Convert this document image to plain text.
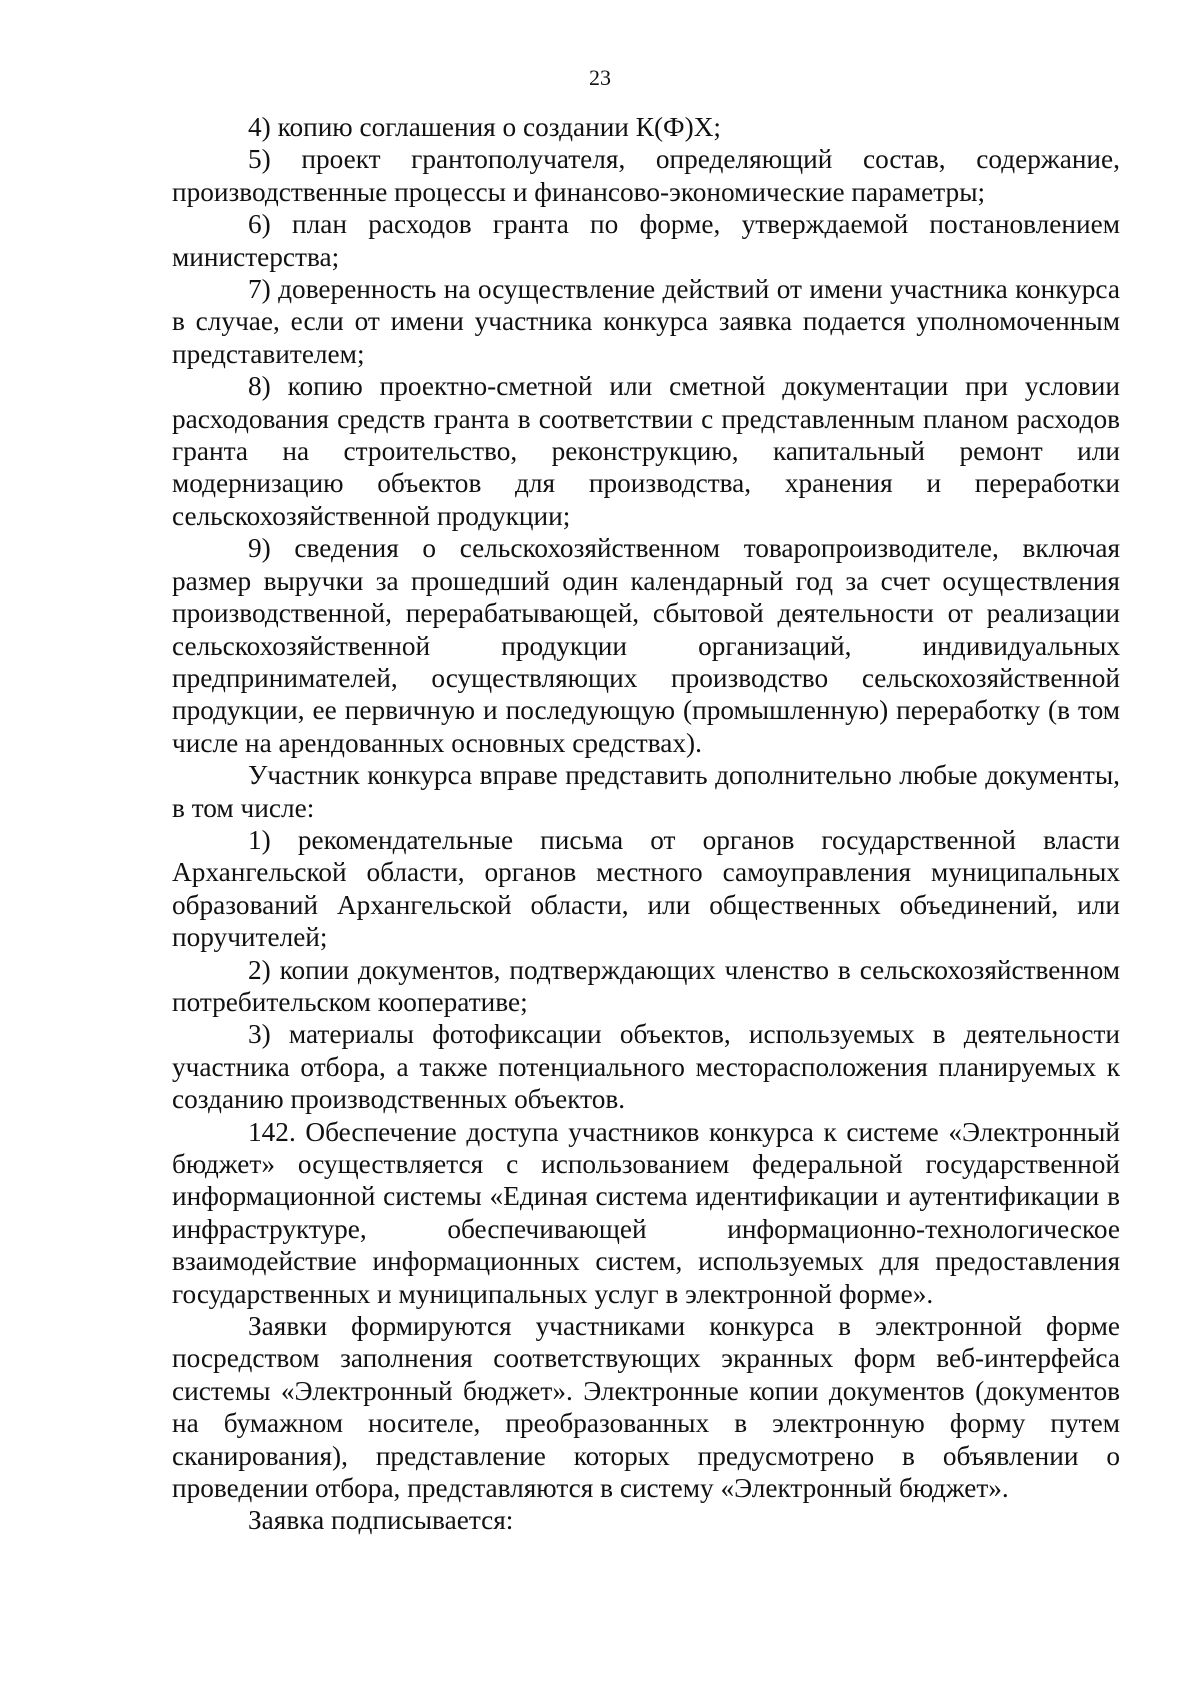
23

4) копию соглашения о создании К(Ф)Х;

5) проект грантополучателя, определяющий состав, содержание, производственные процессы и финансово-экономические параметры;

6) план расходов гранта по форме, утверждаемой постановлением министерства;

7) доверенность на осуществление действий от имени участника конкурса в случае, если от имени участника конкурса заявка подается уполномоченным представителем;

8) копию проектно-сметной или сметной документации при условии расходования средств гранта в соответствии с представленным планом расходов гранта на строительство, реконструкцию, капитальный ремонт или модернизацию объектов для производства, хранения и переработки сельскохозяйственной продукции;

9) сведения о сельскохозяйственном товаропроизводителе, включая размер выручки за прошедший один календарный год за счет осуществления производственной, перерабатывающей, сбытовой деятельности от реализации сельскохозяйственной продукции организаций, индивидуальных предпринимателей, осуществляющих производство сельскохозяйственной продукции, ее первичную и последующую (промышленную) переработку (в том числе на арендованных основных средствах).

Участник конкурса вправе представить дополнительно любые документы, в том числе:

1) рекомендательные письма от органов государственной власти Архангельской области, органов местного самоуправления муниципальных образований Архангельской области, или общественных объединений, или поручителей;

2) копии документов, подтверждающих членство в сельскохозяйственном потребительском кооперативе;

3) материалы фотофиксации объектов, используемых в деятельности участника отбора, а также потенциального месторасположения планируемых к созданию производственных объектов.

142. Обеспечение доступа участников конкурса к системе «Электронный бюджет» осуществляется с использованием федеральной государственной информационной системы «Единая система идентификации и аутентификации в инфраструктуре, обеспечивающей информационно-технологическое взаимодействие информационных систем, используемых для предоставления государственных и муниципальных услуг в электронной форме».

Заявки формируются участниками конкурса в электронной форме посредством заполнения соответствующих экранных форм веб-интерфейса системы «Электронный бюджет». Электронные копии документов (документов на бумажном носителе, преобразованных в электронную форму путем сканирования), представление которых предусмотрено в объявлении о проведении отбора, представляются в систему «Электронный бюджет».

Заявка подписывается:
